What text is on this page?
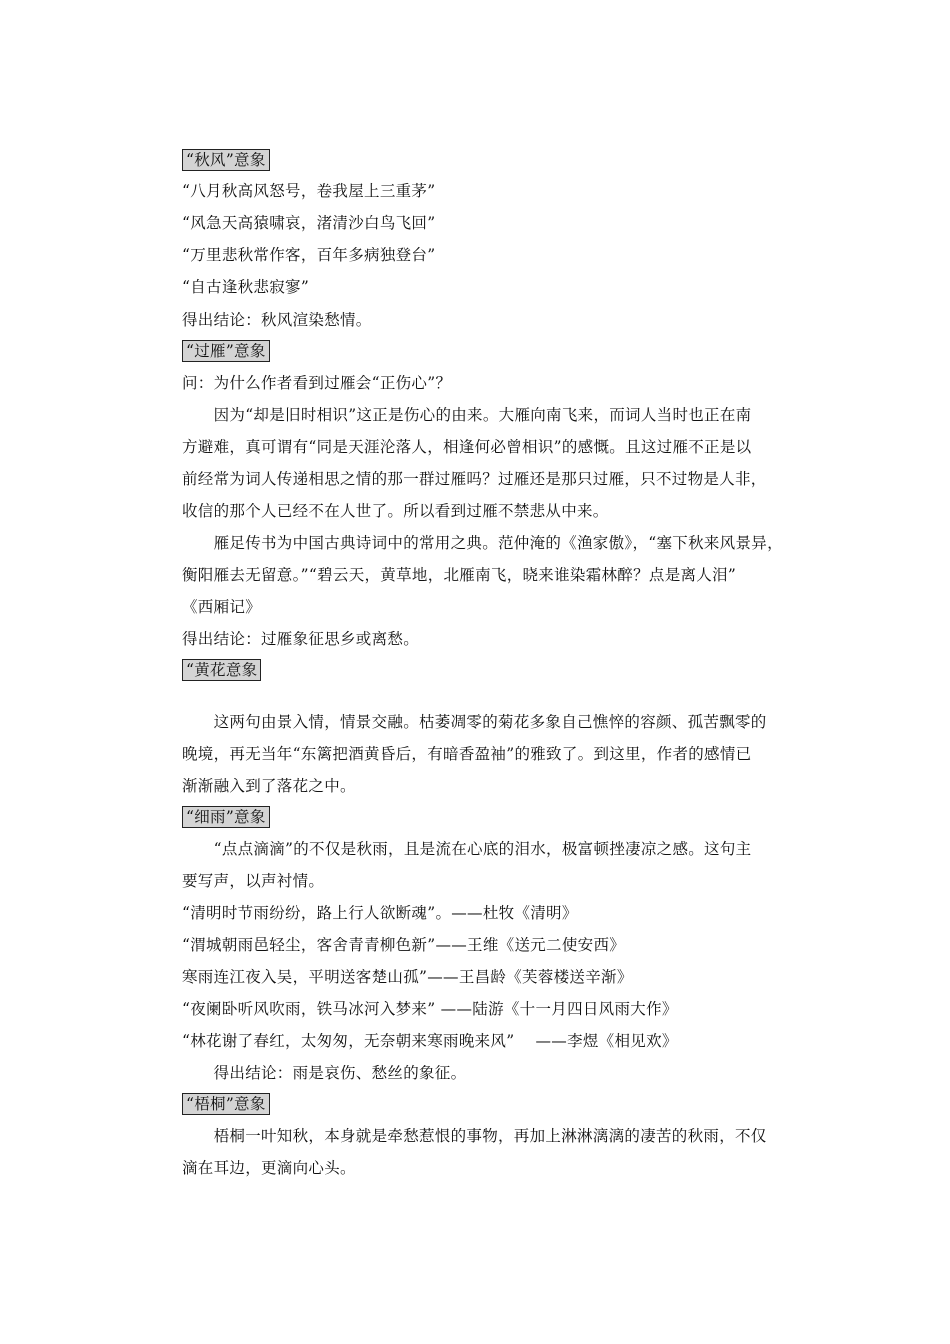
“秋风”意象
“八月秋高风怒号，卷我屋上三重茅”
“风急天高猿啸哀，渚清沙白鸟飞回”
“万里悲秋常作客，百年多病独登台”
“自古逢秋悲寂寥”
得出结论：秋风渲染愁情。
“过雁”意象
问：为什么作者看到过雁会“正伤心”？
　　因为“却是旧时相识”这正是伤心的由来。大雁向南飞来，而词人当时也正在南
方避难，真可谓有“同是天涯沦落人，相逢何必曾相识”的感慨。且这过雁不正是以
前经常为词人传递相思之情的那一群过雁吗？过雁还是那只过雁，只不过物是人非，
收信的那个人已经不在人世了。所以看到过雁不禁悲从中来。
　　雁足传书为中国古典诗词中的常用之典。范仲淹的《渔家傲》，“塞下秋来风景异，
衡阳雁去无留意。”“碧云天，黄草地，北雁南飞，晓来谁染霜林醉？点是离人泪”
《西厢记》
得出结论：过雁象征思乡或离愁。
“黄花意象
　　这两句由景入情，情景交融。枯萎凋零的菊花多象自己憔悴的容颜、孤苦飘零的
晚境，再无当年“东篱把酒黄昏后，有暗香盈袖”的雅致了。到这里，作者的感情已
渐渐融入到了落花之中。
“细雨”意象
　　“点点滴滴”的不仅是秋雨，且是流在心底的泪水，极富顿挫凄凉之感。这句主
要写声，以声衬情。
“清明时节雨纷纷，路上行人欲断魂”。——杜牧《清明》
“渭城朝雨邑轻尘，客舍青青柳色新”——王维《送元二使安西》
寒雨连江夜入吴，平明送客楚山孤”——王昌龄《芙蓉楼送辛渐》
“夜阑卧听风吹雨，铁马冰河入梦来” ——陆游《十一月四日风雨大作》
“林花谢了春红，太匆匆，无奈朝来寒雨晚来风”　 ——李煜《相见欢》
　　得出结论：雨是哀伤、愁丝的象征。
“梧桐”意象
　　梧桐一叶知秋，本身就是牵愁惹恨的事物，再加上淋淋漓漓的凄苦的秋雨，不仅
滴在耳边，更滴向心头。
